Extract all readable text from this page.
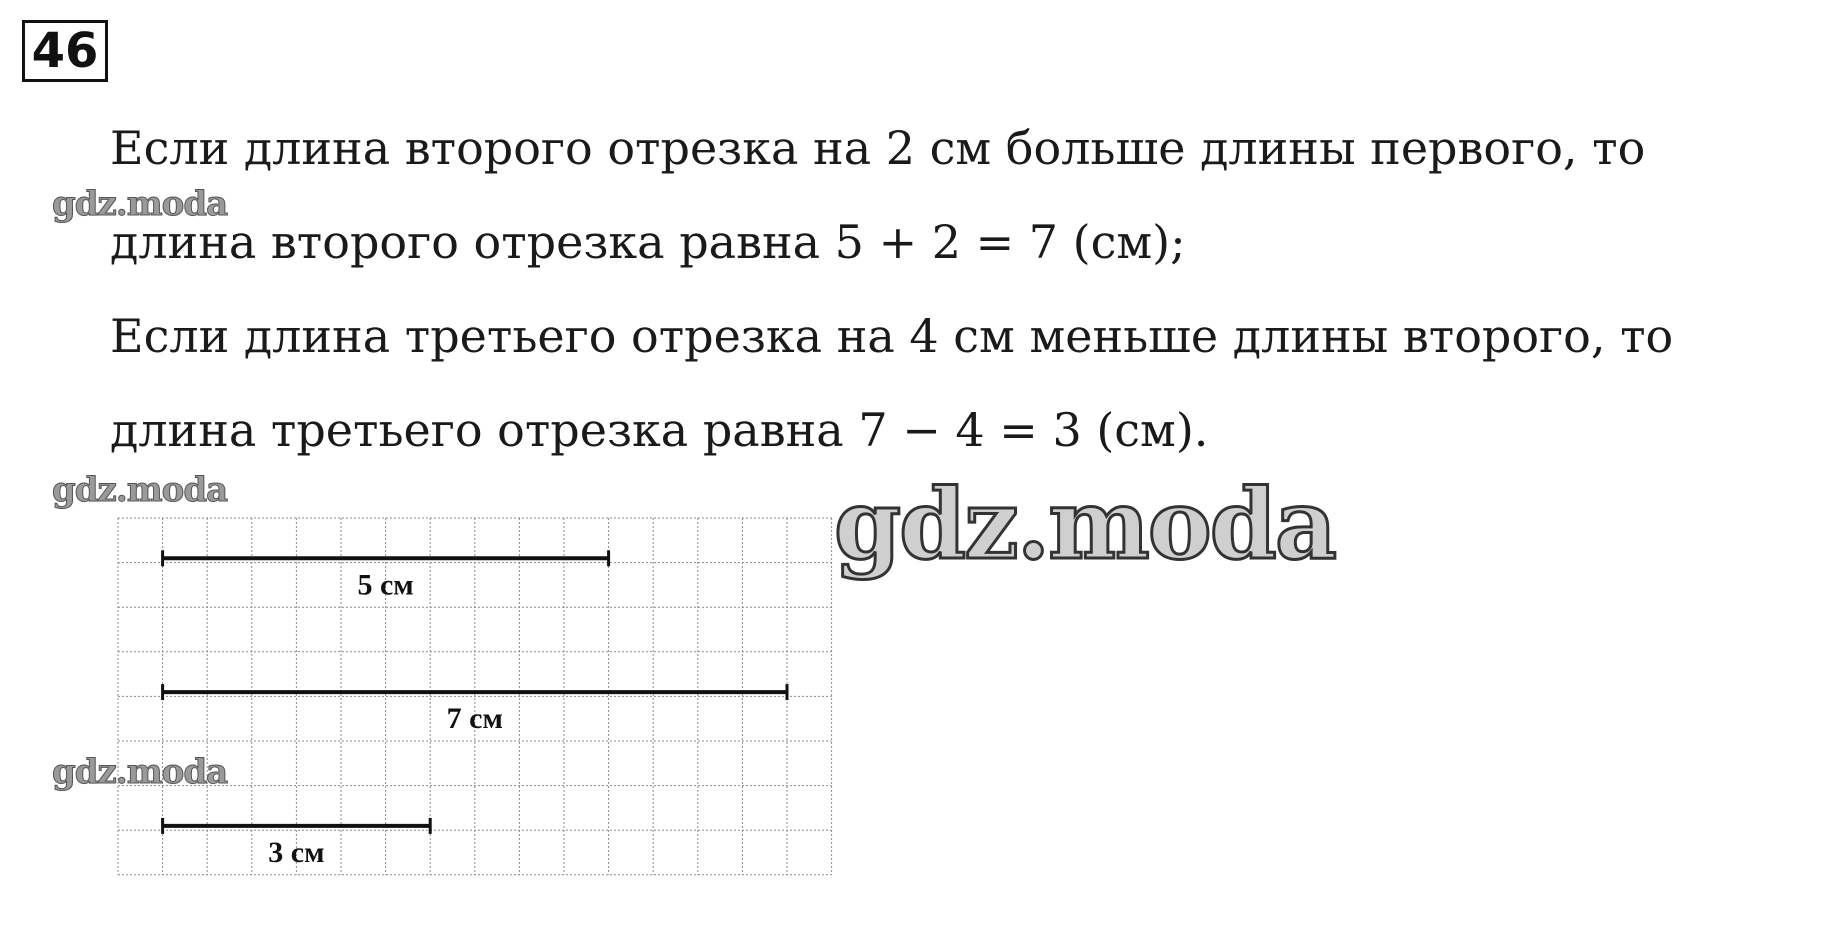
46
Если длина второго отрезка на 2 см больше длины первого, то
длина второго отрезка равна 5 + 2 = 7 (см);
Если длина третьего отрезка на 4 см меньше длины второго, то
длина третьего отрезка равна 7 − 4 = 3 (см).
5 см
7 см
3 см
gdz.moda
gdz.moda
gdz.moda
gdz.moda
